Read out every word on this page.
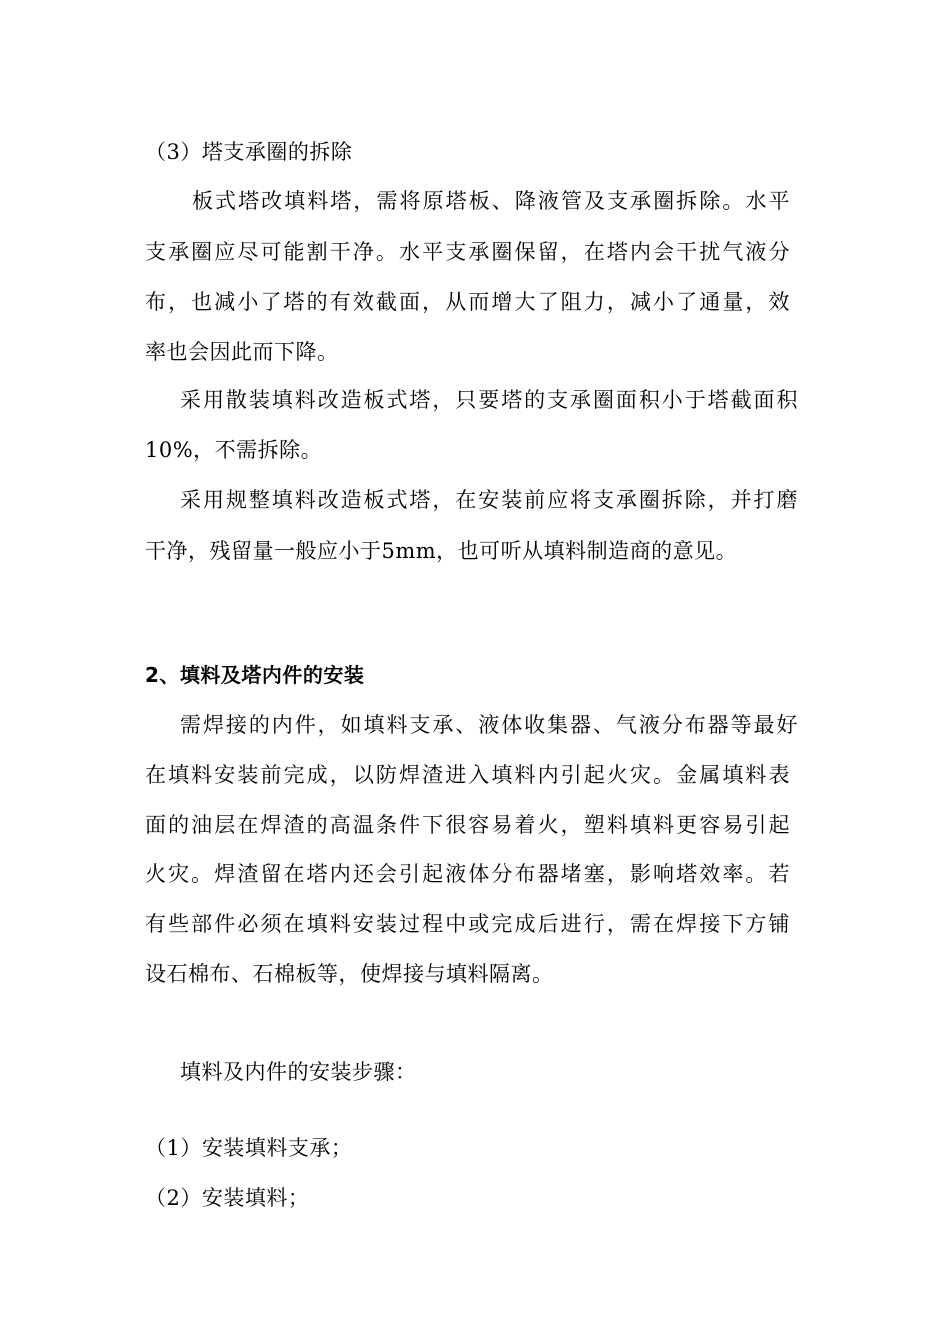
（3）塔支承圈的拆除
板式塔改填料塔，需将原塔板、降液管及支承圈拆除。水平
支承圈应尽可能割干净。水平支承圈保留，在塔内会干扰气液分
布，也减小了塔的有效截面，从而增大了阻力，减小了通量，效
率也会因此而下降。
采用散装填料改造板式塔，只要塔的支承圈面积小于塔截面积
10%，不需拆除。
采用规整填料改造板式塔，在安装前应将支承圈拆除，并打磨
干净，残留量一般应小于5mm，也可听从填料制造商的意见。
2、填料及塔内件的安装
需焊接的内件，如填料支承、液体收集器、气液分布器等最好
在填料安装前完成，以防焊渣进入填料内引起火灾。金属填料表
面的油层在焊渣的高温条件下很容易着火，塑料填料更容易引起
火灾。焊渣留在塔内还会引起液体分布器堵塞，影响塔效率。若
有些部件必须在填料安装过程中或完成后进行，需在焊接下方铺
设石棉布、石棉板等，使焊接与填料隔离。
填料及内件的安装步骤：
（1）安装填料支承；
（2）安装填料；
